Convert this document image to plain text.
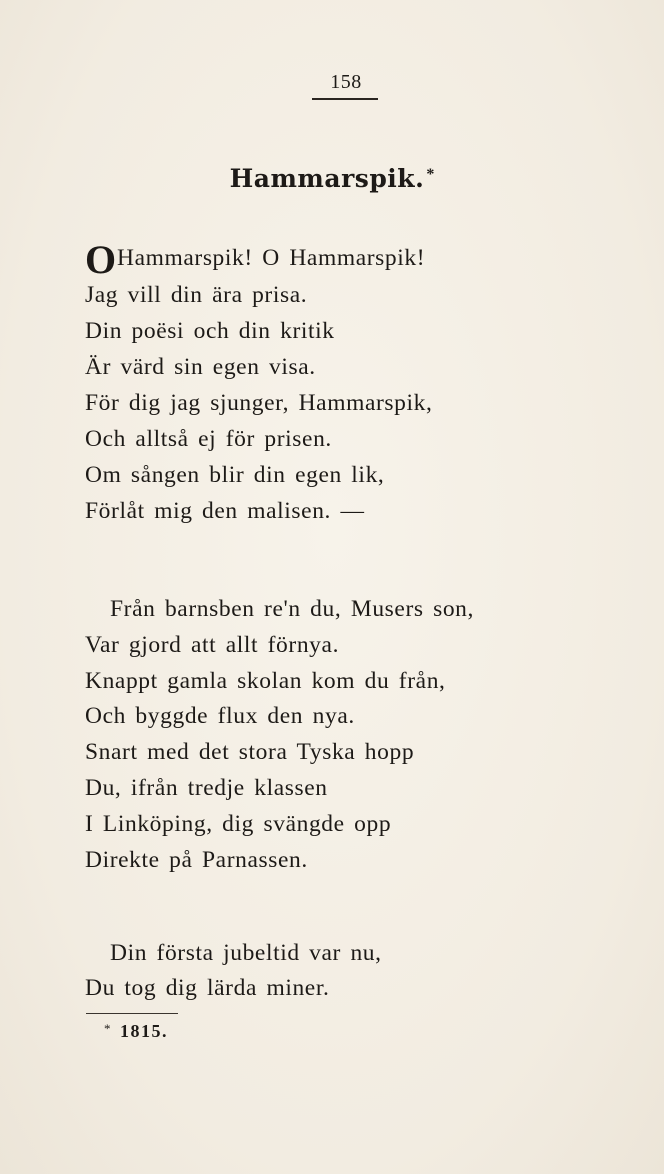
158
Hammarspik. *
O Hammarspik! O Hammarspik!
Jag vill din ära prisa.
Din poësi och din kritik
Är värd sin egen visa.
För dig jag sjunger, Hammarspik,
Och alltså ej för prisen.
Om sången blir din egen lik,
Förlåt mig den malisen. —
Från barnsben re'n du, Musers son,
Var gjord att allt förnya.
Knappt gamla skolan kom du från,
Och byggde flux den nya.
Snart med det stora Tyska hopp
Du, ifrån tredje klassen
I Linköping, dig svängde opp
Direkte på Parnassen.
Din första jubeltid var nu,
Du tog dig lärda miner.
* 1815.
